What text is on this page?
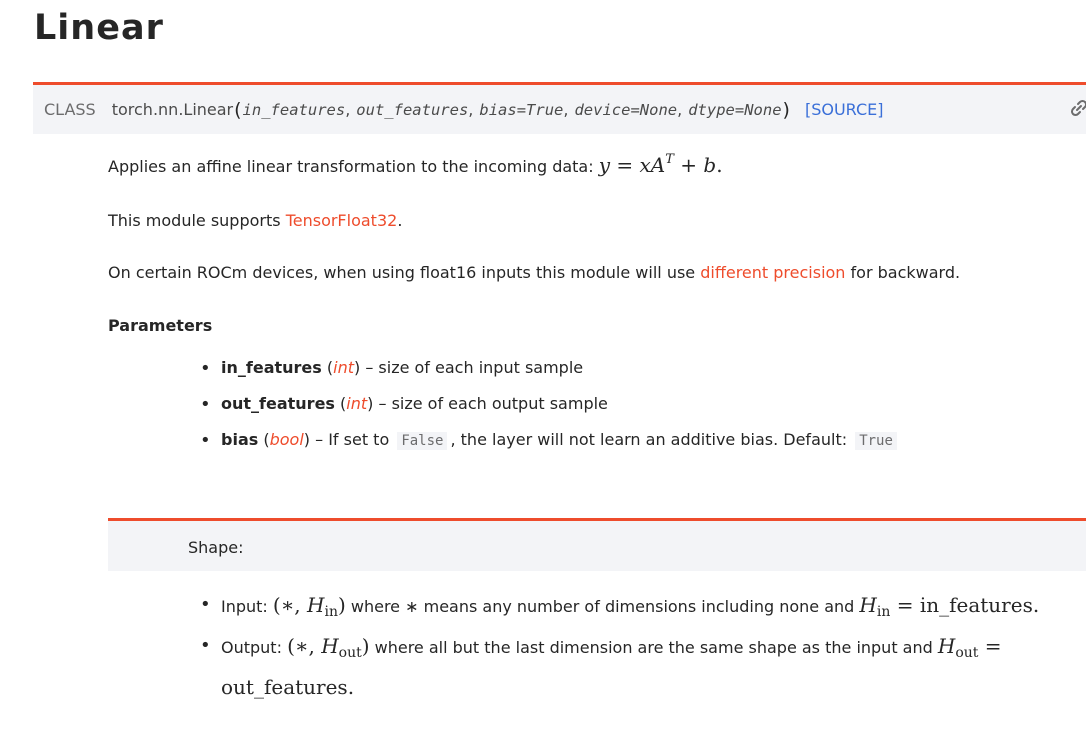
Linear
CLASS torch.nn.Linear ( in_features , out_features , bias=True , device=None , dtype=None ) [SOURCE]
Applies an affine linear transformation to the incoming data: $y = xA^T + b$.
This module supports TensorFloat32.
On certain ROCm devices, when using float16 inputs this module will use different precision for backward.
Parameters
• in_features (int) – size of each input sample
• out_features (int) – size of each output sample
• bias (bool) – If set to False , the layer will not learn an additive bias. Default: True
Shape:
• Input: (∗, $H_{in}$) where ∗ means any number of dimensions including none and $H_{in}$ = in_features.
• Output: (∗, $H_{out}$) where all but the last dimension are the same shape as the input and $H_{out}$ = out_features.
